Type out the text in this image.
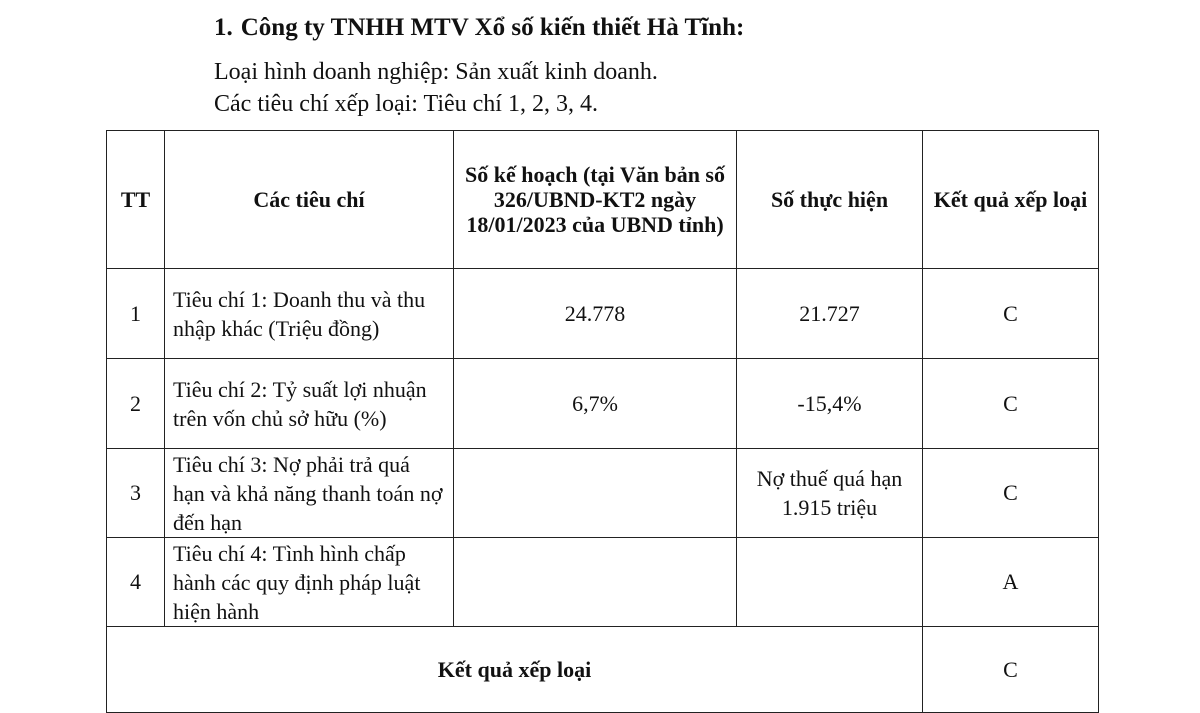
1. Công ty TNHH MTV Xổ số kiến thiết Hà Tĩnh:
Loại hình doanh nghiệp: Sản xuất kinh doanh.
Các tiêu chí xếp loại: Tiêu chí 1, 2, 3, 4.
TT	Các tiêu chí	Số kế hoạch (tại Văn bản số 326/UBND-KT2 ngày 18/01/2023 của UBND tỉnh)	Số thực hiện	Kết quả xếp loại
1	Tiêu chí 1: Doanh thu và thu nhập khác (Triệu đồng)	24.778	21.727	C
2	Tiêu chí 2: Tỷ suất lợi nhuận trên vốn chủ sở hữu (%)	6,7%	-15,4%	C
3	Tiêu chí 3: Nợ phải trả quá hạn và khả năng thanh toán nợ đến hạn		Nợ thuế quá hạn 1.915 triệu	C
4	Tiêu chí 4: Tình hình chấp hành các quy định pháp luật hiện hành			A
Kết quả xếp loại				C
